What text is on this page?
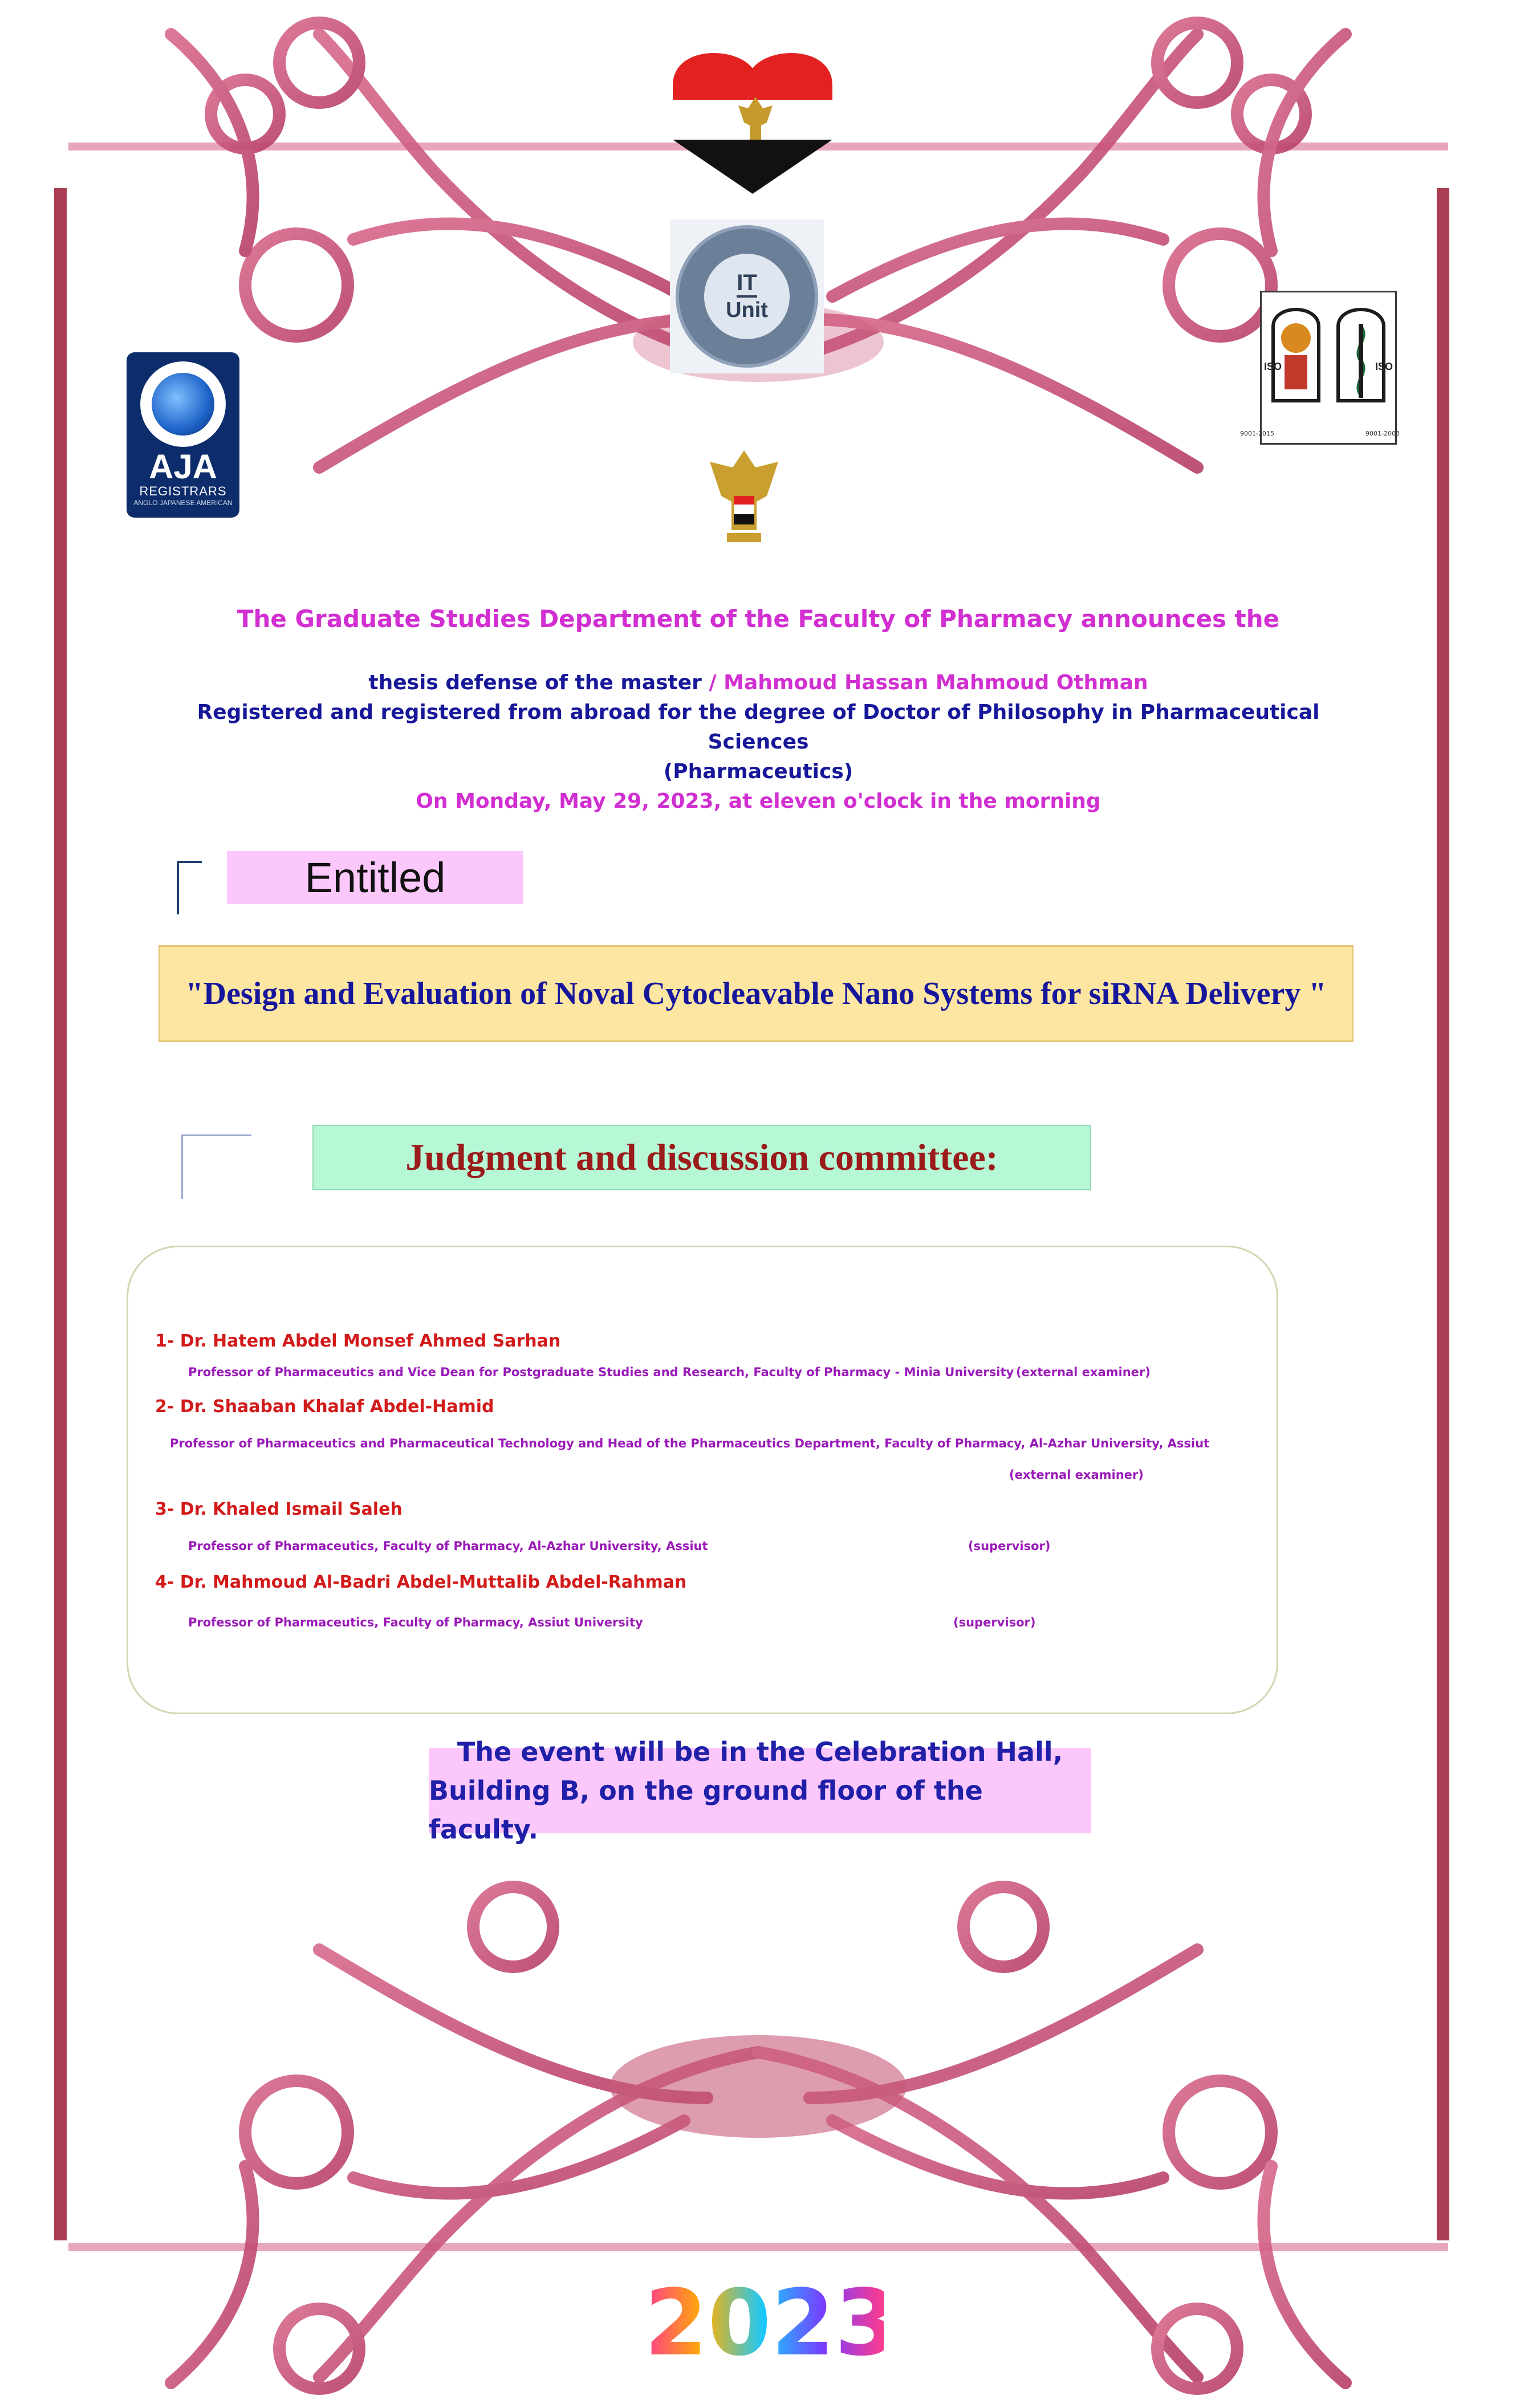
IT
Unit
AJA
REGISTRARS
ANGLO JAPANESE AMERICAN
ISO	ISO
9001-2015	9001-2008
The Graduate Studies Department of the Faculty of Pharmacy announces the
thesis defense of the master / Mahmoud Hassan Mahmoud Othman
Registered and registered from abroad for the degree of Doctor of Philosophy in Pharmaceutical Sciences
(Pharmaceutics)
On Monday, May 29, 2023, at eleven o'clock in the morning
Entitled
"Design and Evaluation of Noval Cytocleavable Nano Systems for siRNA Delivery "
Judgment and discussion committee:
1- Dr. Hatem Abdel Monsef Ahmed Sarhan
Professor of Pharmaceutics and Vice Dean for Postgraduate Studies and Research, Faculty of Pharmacy - Minia University (external examiner)
2- Dr. Shaaban Khalaf Abdel-Hamid
Professor of Pharmaceutics and Pharmaceutical Technology and Head of the Pharmaceutics Department, Faculty of Pharmacy, Al-Azhar University, Assiut
(external examiner)
3- Dr. Khaled Ismail Saleh
Professor of Pharmaceutics, Faculty of Pharmacy, Al-Azhar University, Assiut	(supervisor)
4- Dr. Mahmoud Al-Badri Abdel-Muttalib Abdel-Rahman
Professor of Pharmaceutics, Faculty of Pharmacy, Assiut University	(supervisor)
The event will be in the Celebration Hall,
Building B, on the ground floor of the faculty.
2023
